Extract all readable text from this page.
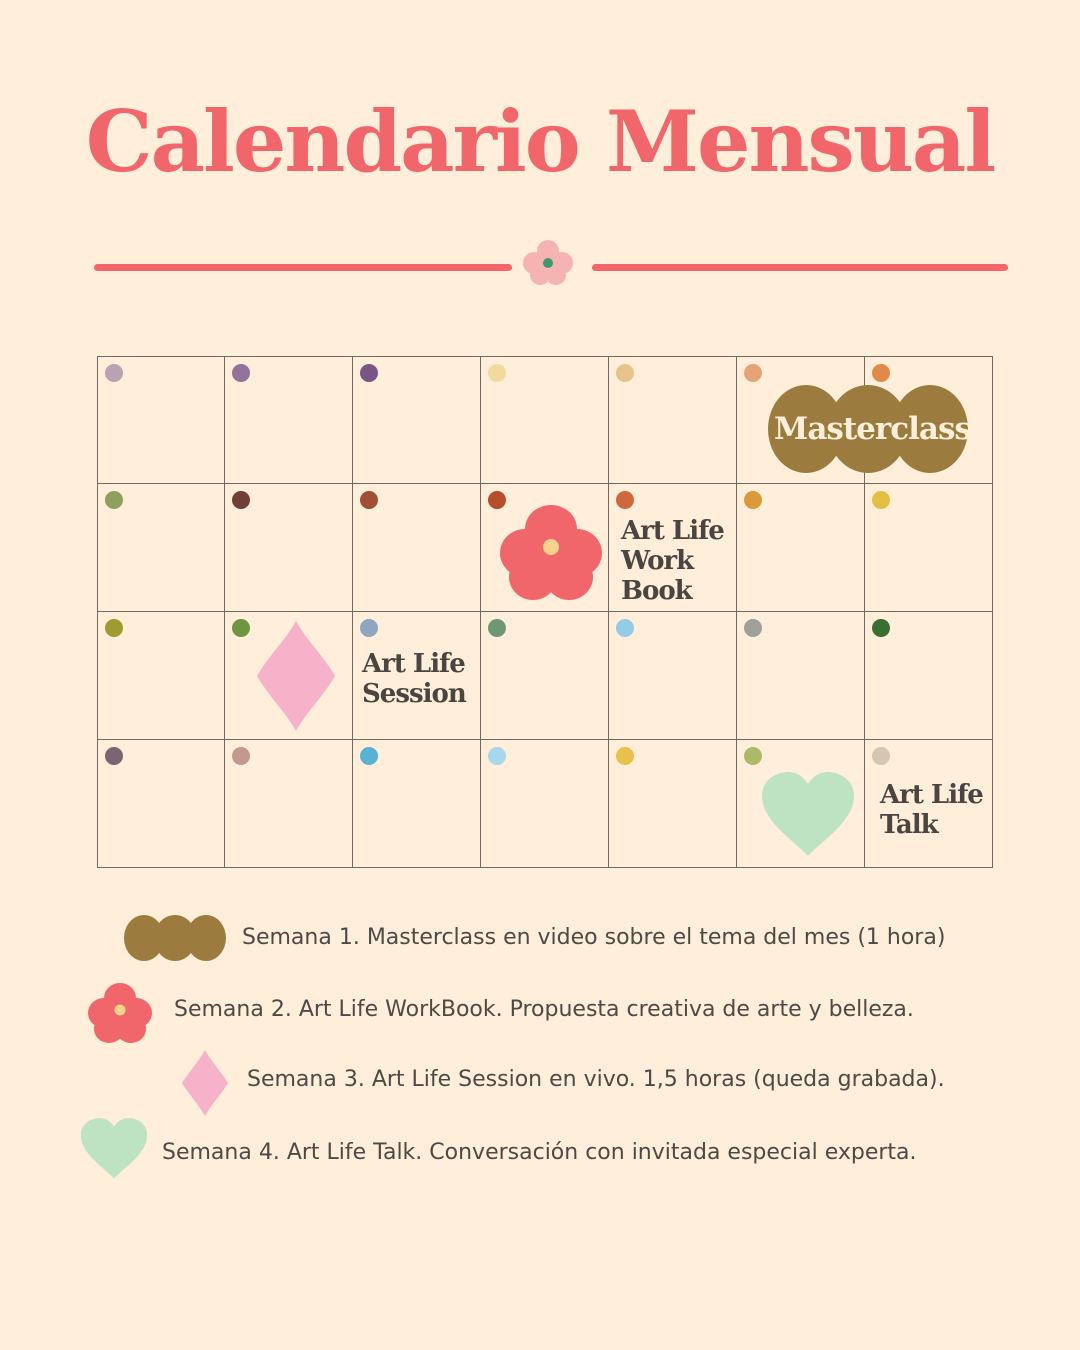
Calendario Mensual
Masterclass
Art Life
Work
Book
Art Life
Session
Art Life
Talk
Semana 1. Masterclass en video sobre el tema del mes (1 hora)
Semana 2. Art Life WorkBook. Propuesta creativa de arte y belleza.
Semana 3. Art Life Session en vivo. 1,5 horas (queda grabada).
Semana 4. Art Life Talk. Conversación con invitada especial experta.
